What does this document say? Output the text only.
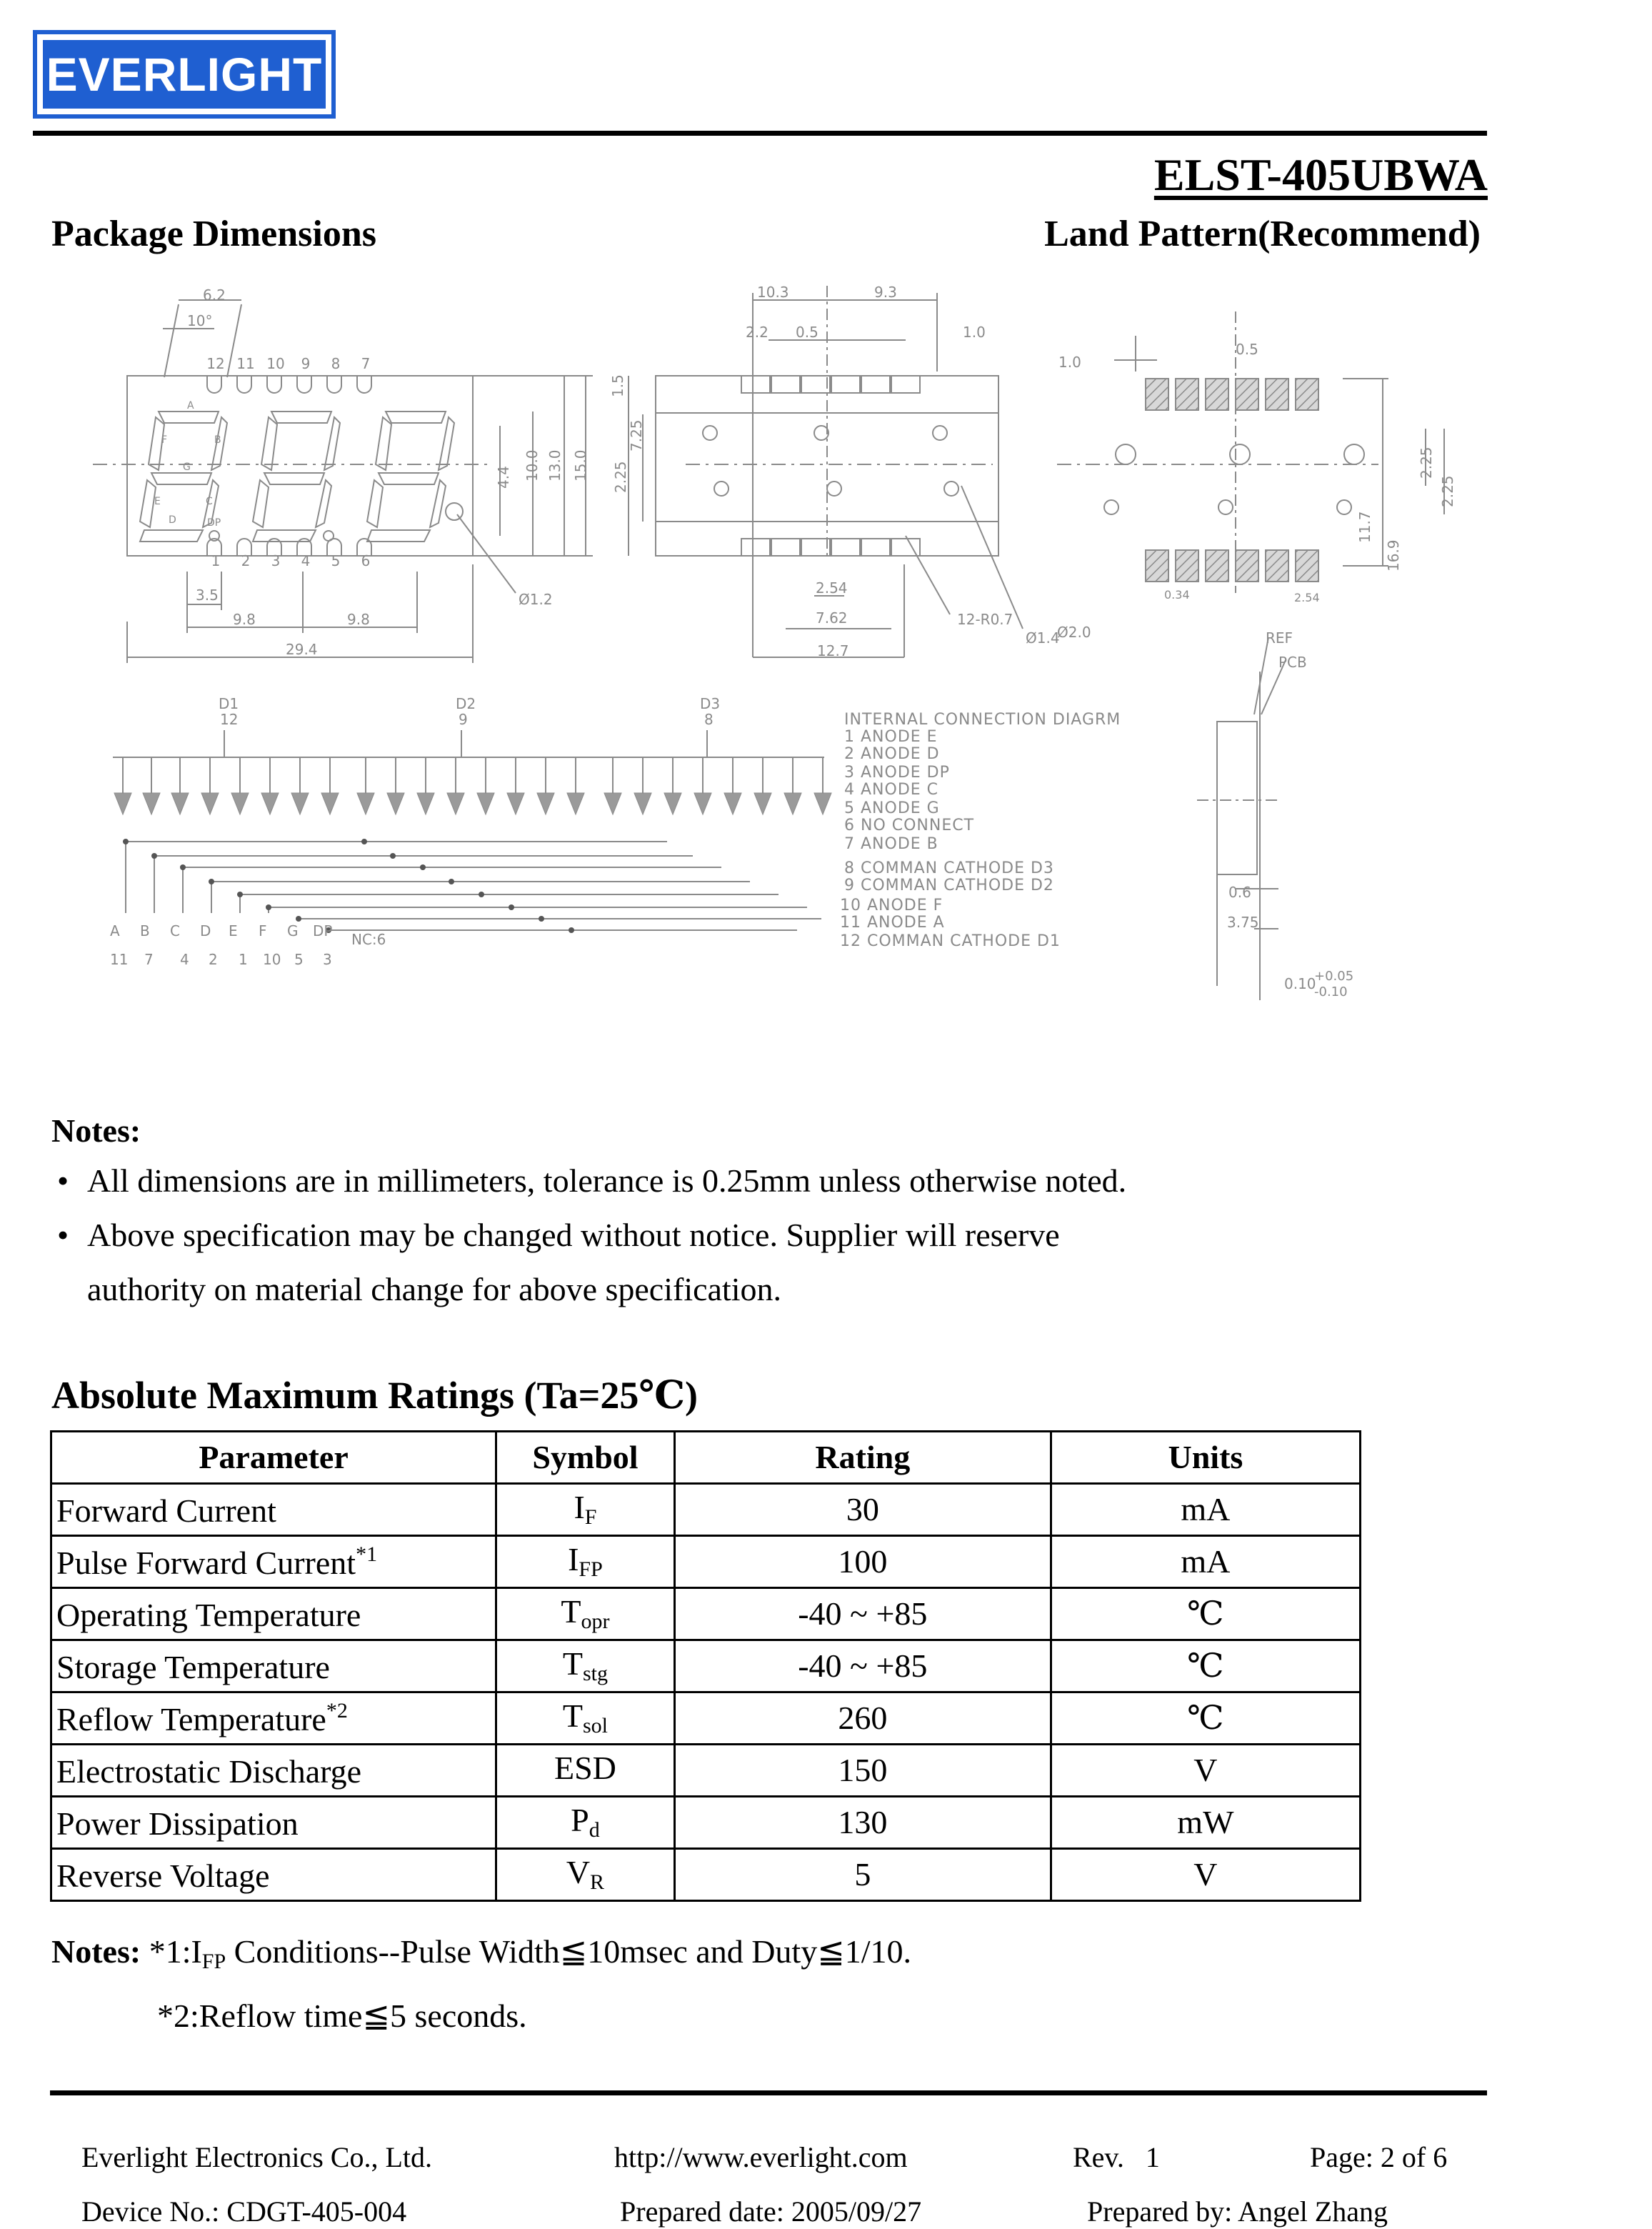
EVERLIGHT
ELST-405UBWA
Package Dimensions	Land Pattern(Recommend)
12 11 10 9 8 7
1 2 3 4 5 6
A
B
C
D
E
F
G
DP
6.2
10°
3.5
9.8	9.8
29.4
4.4 10.0 13.0 15.0
Ø1.2
10.3	9.3
2.2 0.5	1.0
1.5
7.25
2.25
2.54
7.62
12.7
12-R0.7
Ø1.4
Ø2.0
1.0
0.5
11.7
16.9
0.34	2.54
2.25
2.25
REF
PCB
0.6
3.75
0.10
+0.05
-0.10
D1
12
D2
9
D3
8
A B C D E F G DP
11 7 4 2 1 10 5 3
NC:6
INTERNAL CONNECTION DIAGRM
1 ANODE E
2 ANODE D
3 ANODE DP
4 ANODE C
5 ANODE G
6 NO CONNECT
7 ANODE B
8 COMMAN CATHODE D3
9 COMMAN CATHODE D2
10 ANODE F
11 ANODE A
12 COMMAN CATHODE D1
Notes:
• All dimensions are in millimeters, tolerance is 0.25mm unless otherwise noted.
• Above specification may be changed without notice. Supplier will reserve
authority on material change for above specification.
Absolute Maximum Ratings (Ta=25℃)
Parameter	Symbol	Rating	Units
Forward Current	$I_F$	30	mA
Pulse Forward Current$^{*1}$	$I_{FP}$	100	mA
Operating Temperature	$T_{opr}$	-40 ~ +85	℃
Storage Temperature	$T_{stg}$	-40 ~ +85	℃
Reflow Temperature$^{*2}$	$T_{sol}$	260	℃
Electrostatic Discharge	ESD	150	V
Power Dissipation	$P_d$	130	mW
Reverse Voltage	$V_R$	5	V
Notes: $*1:I_{FP}$ Conditions--Pulse Width≦10msec and Duty≦1/10.
*2:Reflow time≦5 seconds.
Everlight Electronics Co., Ltd.	http://www.everlight.com	Rev.   1	Page: 2 of 6
Device No.: CDGT-405-004	Prepared date: 2005/09/27	Prepared by: Angel Zhang
